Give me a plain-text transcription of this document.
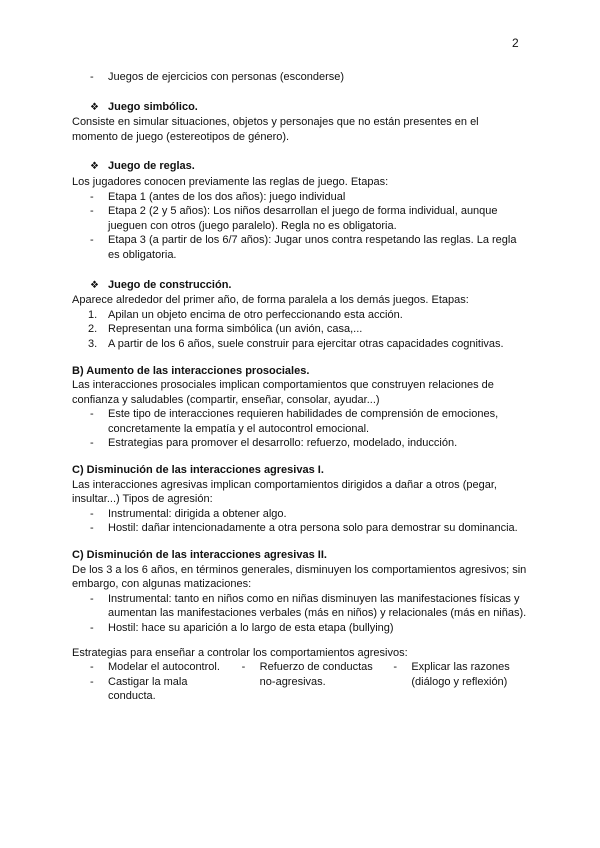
2
- Juegos de ejercicios con personas (esconderse)
❖ Juego simbólico.

Consiste en simular situaciones, objetos y personajes que no están presentes en el momento de juego (estereotipos de género).

❖ Juego de reglas.

Los jugadores conocen previamente las reglas de juego. Etapas:

- Etapa 1 (antes de los dos años): juego individual
- Etapa 2 (2 y 5 años): Los niños desarrollan el juego de forma individual, aunque jueguen con otros (juego paralelo). Regla no es obligatoria.
- Etapa 3 (a partir de los 6/7 años): Jugar unos contra respetando las reglas. La regla es obligatoria.
❖ Juego de construcción.

Aparece alrededor del primer año, de forma paralela a los demás juegos. Etapas:

1. Apilan un objeto encima de otro perfeccionando esta acción.
2. Representan una forma simbólica (un avión, casa,...
3. A partir de los 6 años, suele construir para ejercitar otras capacidades cognitivas.

B) Aumento de las interacciones prosociales.

Las interacciones prosociales implican comportamientos que construyen relaciones de confianza y saludables (compartir, enseñar, consolar, ayudar...)

- Este tipo de interacciones requieren habilidades de comprensión de emociones, concretamente la empatía y el autocontrol emocional.
- Estrategias para promover el desarrollo: refuerzo, modelado, inducción.

C) Disminución de las interacciones agresivas I.

Las interacciones agresivas implican comportamientos dirigidos a dañar a otros (pegar, insultar...) Tipos de agresión:

- Instrumental: dirigida a obtener algo.
- Hostil: dañar intencionadamente a otra persona solo para demostrar su dominancia.

C) Disminución de las interacciones agresivas II.

De los 3 a los 6 años, en términos generales, disminuyen los comportamientos agresivos; sin embargo, con algunas matizaciones:

- Instrumental: tanto en niños como en niñas disminuyen las manifestaciones físicas y aumentan las manifestaciones verbales (más en niños) y relacionales (más en niñas).
- Hostil: hace su aparición a lo largo de esta etapa (bullying)

Estrategias para enseñar a controlar los comportamientos agresivos:

- Modelar el autocontrol.
- Castigar la mala conducta.
- Refuerzo de conductas no-agresivas.
- Explicar las razones (diálogo y reflexión)
